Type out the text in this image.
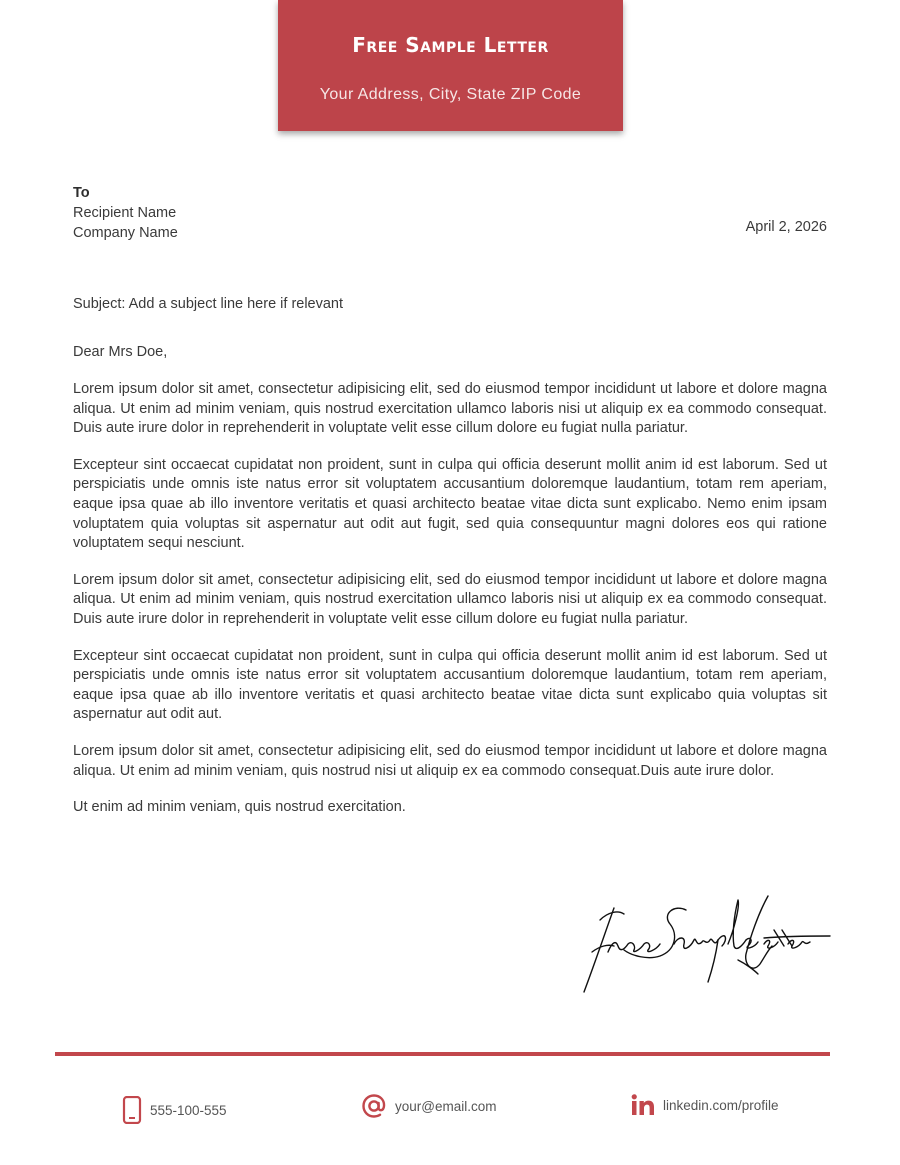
Free Sample Letter
Your Address, City, State ZIP Code
To
Recipient Name
Company Name	April 2, 2026
Subject: Add a subject line here if relevant
Dear Mrs Doe,

Lorem ipsum dolor sit amet, consectetur adipisicing elit, sed do eiusmod tempor incididunt ut labore et dolore magna aliqua. Ut enim ad minim veniam, quis nostrud exercitation ullamco laboris nisi ut aliquip ex ea commodo consequat. Duis aute irure dolor in reprehenderit in voluptate velit esse cillum dolore eu fugiat nulla pariatur.

Excepteur sint occaecat cupidatat non proident, sunt in culpa qui officia deserunt mollit anim id est laborum. Sed ut perspiciatis unde omnis iste natus error sit voluptatem accusantium doloremque laudantium, totam rem aperiam, eaque ipsa quae ab illo inventore veritatis et quasi architecto beatae vitae dicta sunt explicabo. Nemo enim ipsam voluptatem quia voluptas sit aspernatur aut odit aut fugit, sed quia consequuntur magni dolores eos qui ratione voluptatem sequi nesciunt.

Lorem ipsum dolor sit amet, consectetur adipisicing elit, sed do eiusmod tempor incididunt ut labore et dolore magna aliqua. Ut enim ad minim veniam, quis nostrud exercitation ullamco laboris nisi ut aliquip ex ea commodo consequat. Duis aute irure dolor in reprehenderit in voluptate velit esse cillum dolore eu fugiat nulla pariatur.

Excepteur sint occaecat cupidatat non proident, sunt in culpa qui officia deserunt mollit anim id est laborum. Sed ut perspiciatis unde omnis iste natus error sit voluptatem accusantium doloremque laudantium, totam rem aperiam, eaque ipsa quae ab illo inventore veritatis et quasi architecto beatae vitae dicta sunt explicabo quia voluptas sit aspernatur aut odit aut.

Lorem ipsum dolor sit amet, consectetur adipisicing elit, sed do eiusmod tempor incididunt ut labore et dolore magna aliqua. Ut enim ad minim veniam, quis nostrud nisi ut aliquip ex ea commodo consequat.Duis aute irure dolor.

Ut enim ad minim veniam, quis nostrud exercitation.

555-100-555	your@email.com	linkedin.com/profile
